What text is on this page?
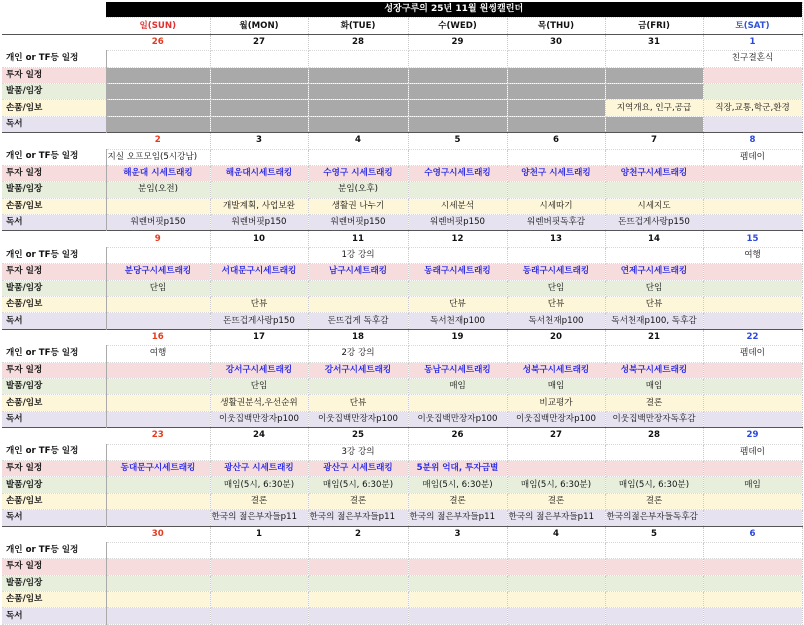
	성장구루의 25년 11월 원씽캘린더						
	일(SUN)	월(MON)	화(TUE)	수(WED)	목(THU)	금(FRI)	토(SAT)
	26	27	28	29	30	31	1
개인 or TF등 일정							친구결혼식
투자 일정							
발품/임장							
손품/임보						지역개요, 인구,공급	직장,교통,학군,환경
독서							
	2	3	4	5	6	7	8
개인 or TF등 일정	지실 오프모임(5시강남)						펨데이
투자 일정	해운대 시세트래킹	해운대시세트래킹	수영구 시세트래킹	수영구시세트래킹	양천구 시세트래킹	양천구시세트래킹	
발품/임장	분임(오전)		분임(오후)				
손품/임보		개발계획, 사업보완	생활권 나누기	시세분석	시세따기	시세지도	
독서	워렌버핏p150	워렌버핏p150	워렌버핏p150	워렌버핏p150	워렌버핏독후감	돈뜨겁게사랑p150	
	9	10	11	12	13	14	15
개인 or TF등 일정			1강 강의				여행
투자 일정	분당구시세트래킹	서대문구시세트래킹	남구시세트래킹	동래구시세트래킹	동래구시세트래킹	연제구시세트래킹	
발품/임장	단임				단임	단임	
손품/임보		단뷰		단뷰	단뷰	단뷰	
독서		돈뜨겁게사랑p150	돈뜨겁게 독후감	독서천재p100	독서천재p100	독서천재p100, 독후감	
	16	17	18	19	20	21	22
개인 or TF등 일정	여행		2강 강의				펨데이
투자 일정		강서구시세트래킹	강서구시세트래킹	동남구시세트래킹	성북구시세트래킹	성북구시세트래킹	
발품/임장		단임		매임	매임	매임	
손품/임보		생활권분석,우선순위	단뷰		비교평가	결론	
독서		이웃집백만장자p100	이웃집백만장자p100	이웃집백만장자p100	이웃집백만장자p100	이웃집백만장자독후감	
	23	24	25	26	27	28	29
개인 or TF등 일정			3강 강의				펨데이
투자 일정	동대문구시세트래킹	광산구 시세트래킹	광산구 시세트래킹	5분위 억대, 투자금별			
발품/임장		매임(5시, 6:30분)	매임(5시, 6:30분)	매임(5시, 6:30분)	매임(5시, 6:30분)	매임(5시, 6:30분)	매임
손품/임보		결론	결론	결론	결론	결론	
독서		한국의 젊은부자들p11	한국의 젊은부자들p11	한국의 젊은부자들p11	한국의 젊은부자들p11	한국의젊은부자들독후감	
	30	1	2	3	4	5	6
개인 or TF등 일정							
투자 일정							
발품/임장							
손품/임보							
독서							
